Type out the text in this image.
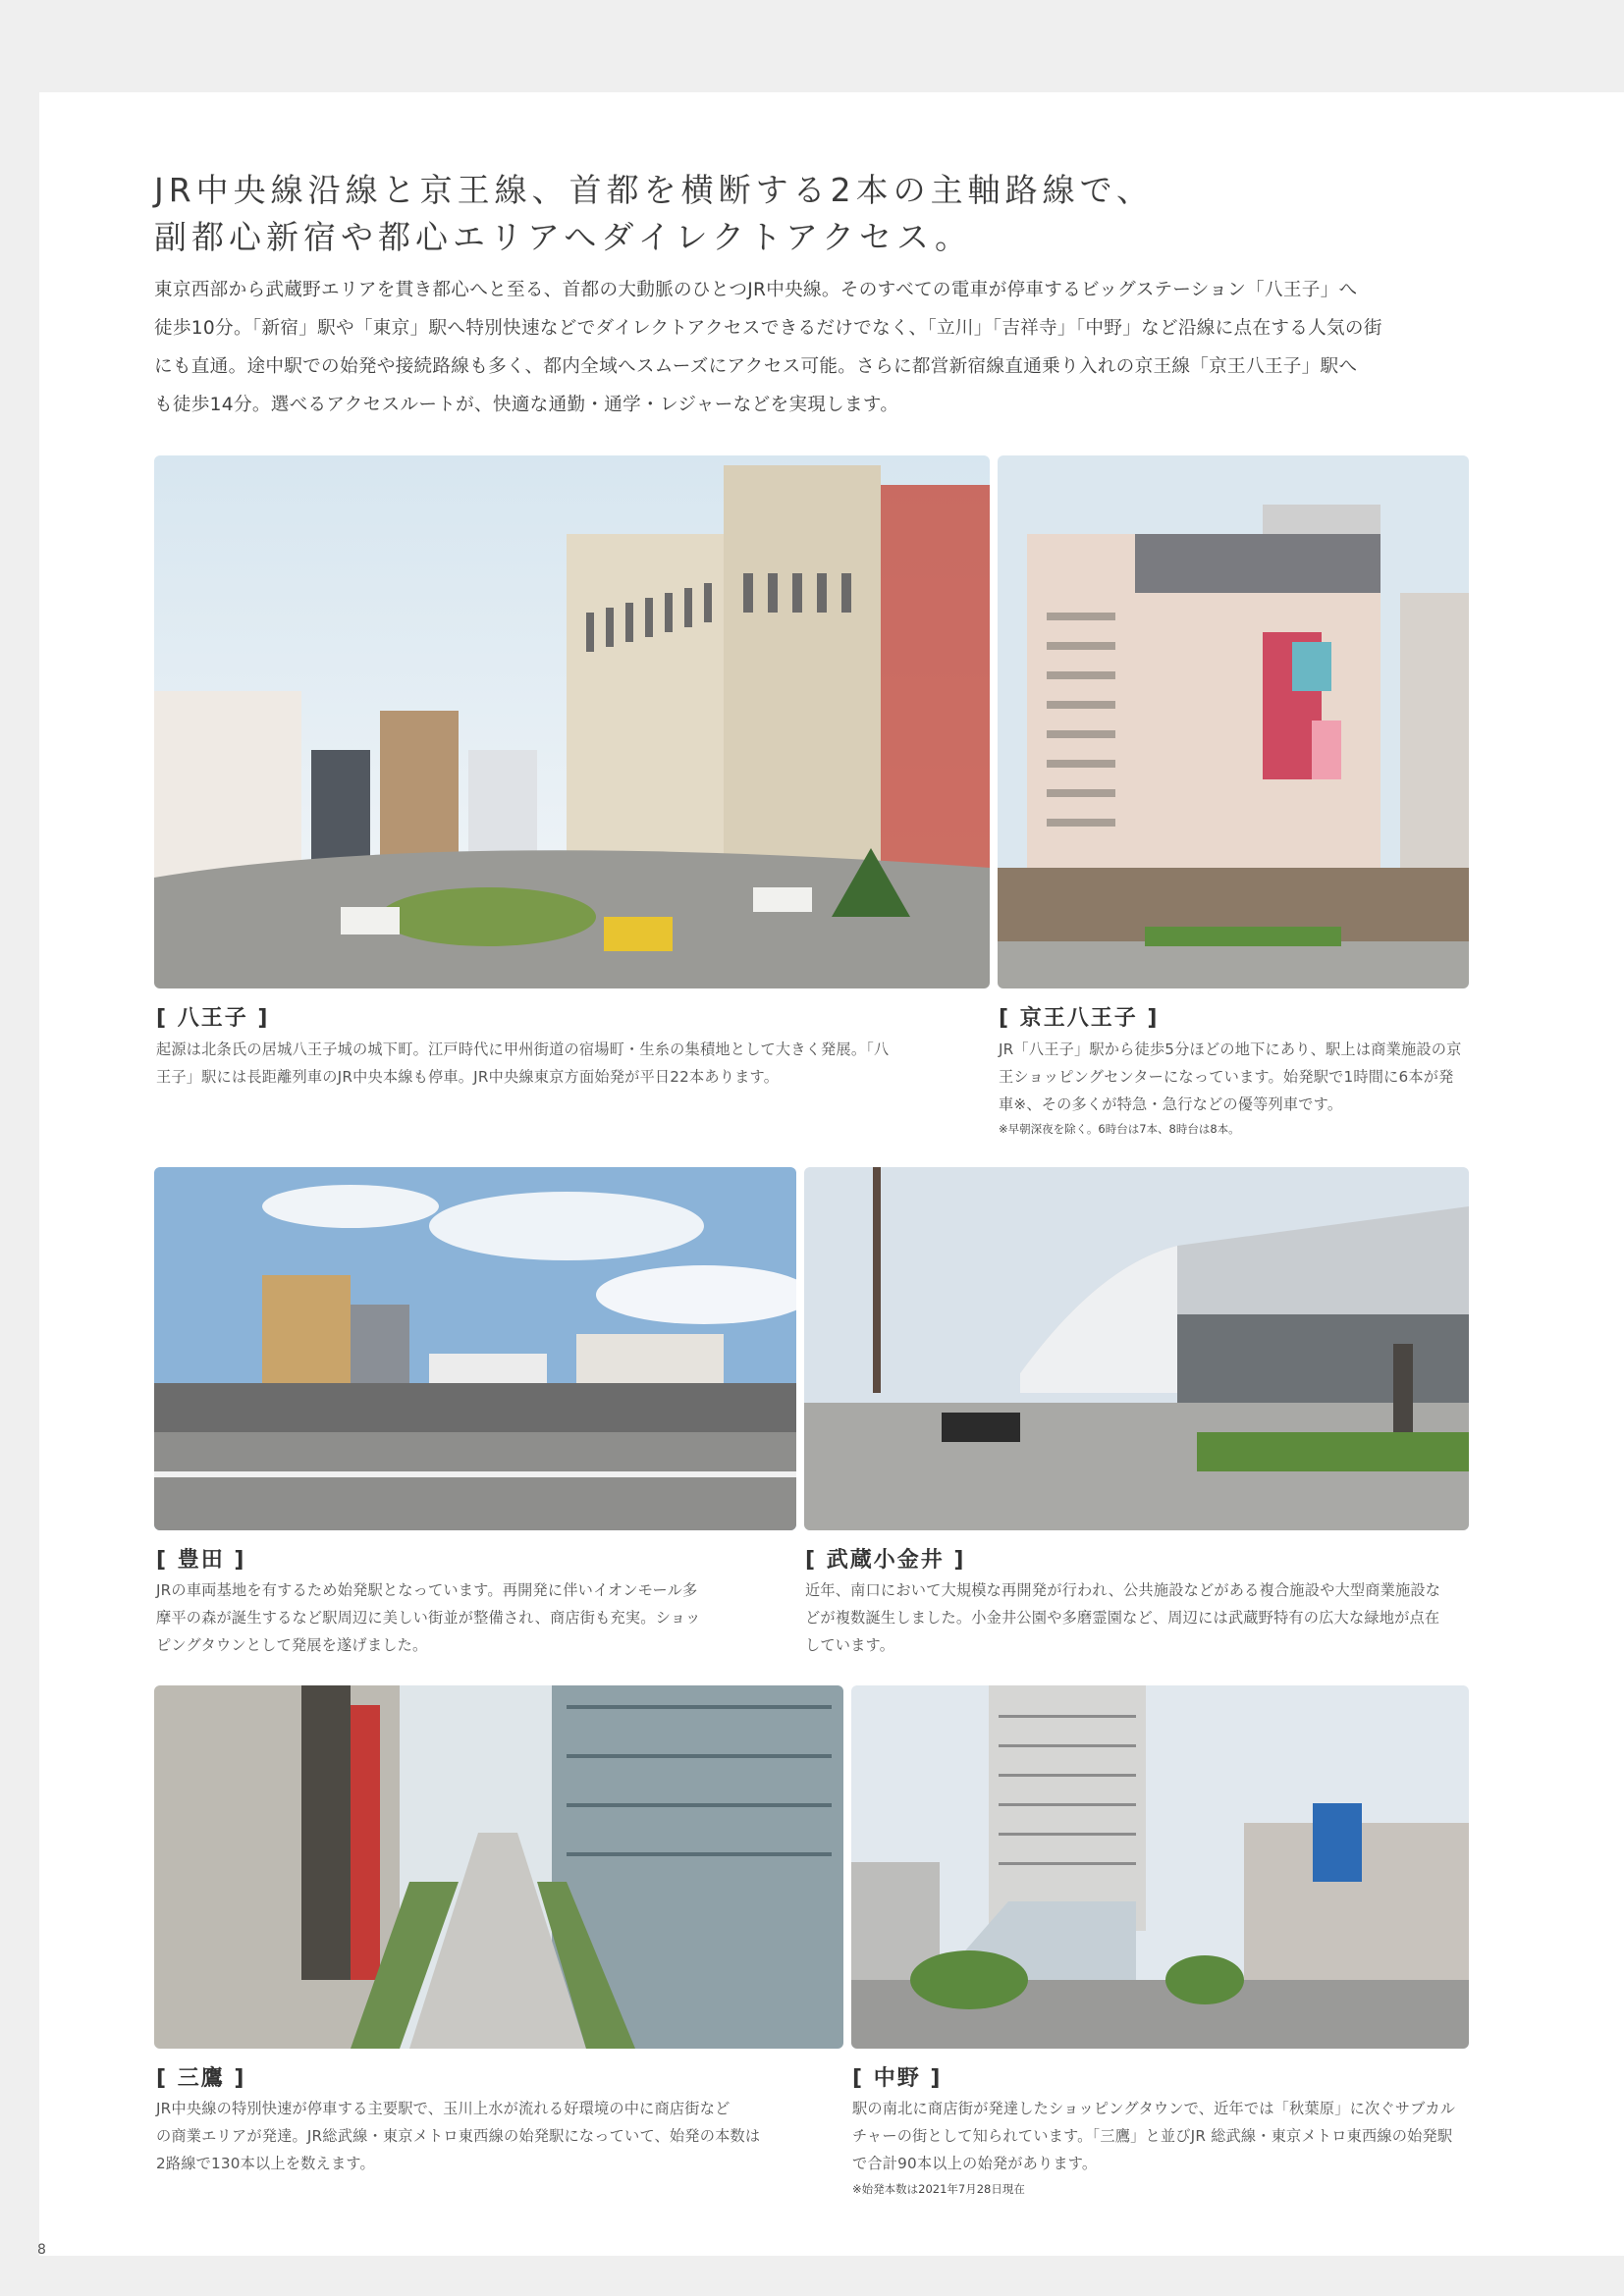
JR中央線沿線と京王線、首都を横断する2本の主軸路線で、
副都心新宿や都心エリアへダイレクトアクセス。
東京西部から武蔵野エリアを貫き都心へと至る、首都の大動脈のひとつJR中央線。そのすべての電車が停車するビッグステーション「八王子」へ
徒歩10分。「新宿」駅や「東京」駅へ特別快速などでダイレクトアクセスできるだけでなく、「立川」「吉祥寺」「中野」など沿線に点在する人気の街
にも直通。途中駅での始発や接続路線も多く、都内全域へスムーズにアクセス可能。さらに都営新宿線直通乗り入れの京王線「京王八王子」駅へ
も徒歩14分。選べるアクセスルートが、快適な通勤・通学・レジャーなどを実現します。
[ 八王子 ]
起源は北条氏の居城八王子城の城下町。江戸時代に甲州街道の宿場町・生糸の集積地として大きく発展。「八
王子」駅には長距離列車のJR中央本線も停車。JR中央線東京方面始発が平日22本あります。
[ 京王八王子 ]
JR「八王子」駅から徒歩5分ほどの地下にあり、駅上は商業施設の京
王ショッピングセンターになっています。始発駅で1時間に6本が発
車※、その多くが特急・急行などの優等列車です。
※早朝深夜を除く。6時台は7本、8時台は8本。
[ 豊田 ]
JRの車両基地を有するため始発駅となっています。再開発に伴いイオンモール多
摩平の森が誕生するなど駅周辺に美しい街並が整備され、商店街も充実。ショッ
ピングタウンとして発展を遂げました。
[ 武蔵小金井 ]
近年、南口において大規模な再開発が行われ、公共施設などがある複合施設や大型商業施設な
どが複数誕生しました。小金井公園や多磨霊園など、周辺には武蔵野特有の広大な緑地が点在
しています。
[ 三鷹 ]
JR中央線の特別快速が停車する主要駅で、玉川上水が流れる好環境の中に商店街など
の商業エリアが発達。JR総武線・東京メトロ東西線の始発駅になっていて、始発の本数は
2路線で130本以上を数えます。
[ 中野 ]
駅の南北に商店街が発達したショッピングタウンで、近年では「秋葉原」に次ぐサブカル
チャーの街として知られています。「三鷹」と並びJR 総武線・東京メトロ東西線の始発駅
で合計90本以上の始発があります。
※始発本数は2021年7月28日現在
8
